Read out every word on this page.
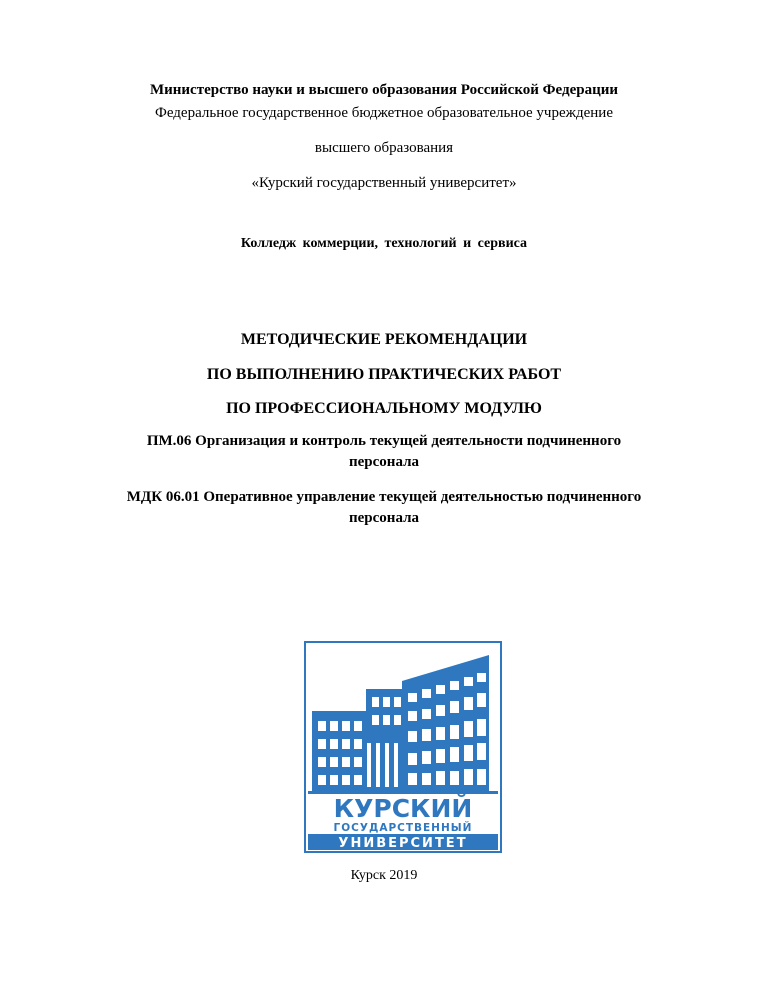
Министерство науки и высшего образования Российской Федерации
Федеральное государственное бюджетное образовательное учреждение
высшего образования
«Курский государственный университет»
Колледж коммерции, технологий и сервиса
МЕТОДИЧЕСКИЕ РЕКОМЕНДАЦИИ
ПО ВЫПОЛНЕНИЮ ПРАКТИЧЕСКИХ РАБОТ
ПО ПРОФЕССИОНАЛЬНОМУ МОДУЛЮ
ПМ.06 Организация и контроль текущей деятельности подчиненного
персонала
МДК 06.01 Оперативное управление текущей деятельностью подчиненного
персонала
КУРСКИЙ
ГОСУДАРСТВЕННЫЙ
УНИВЕРСИТЕТ
Курск 2019
